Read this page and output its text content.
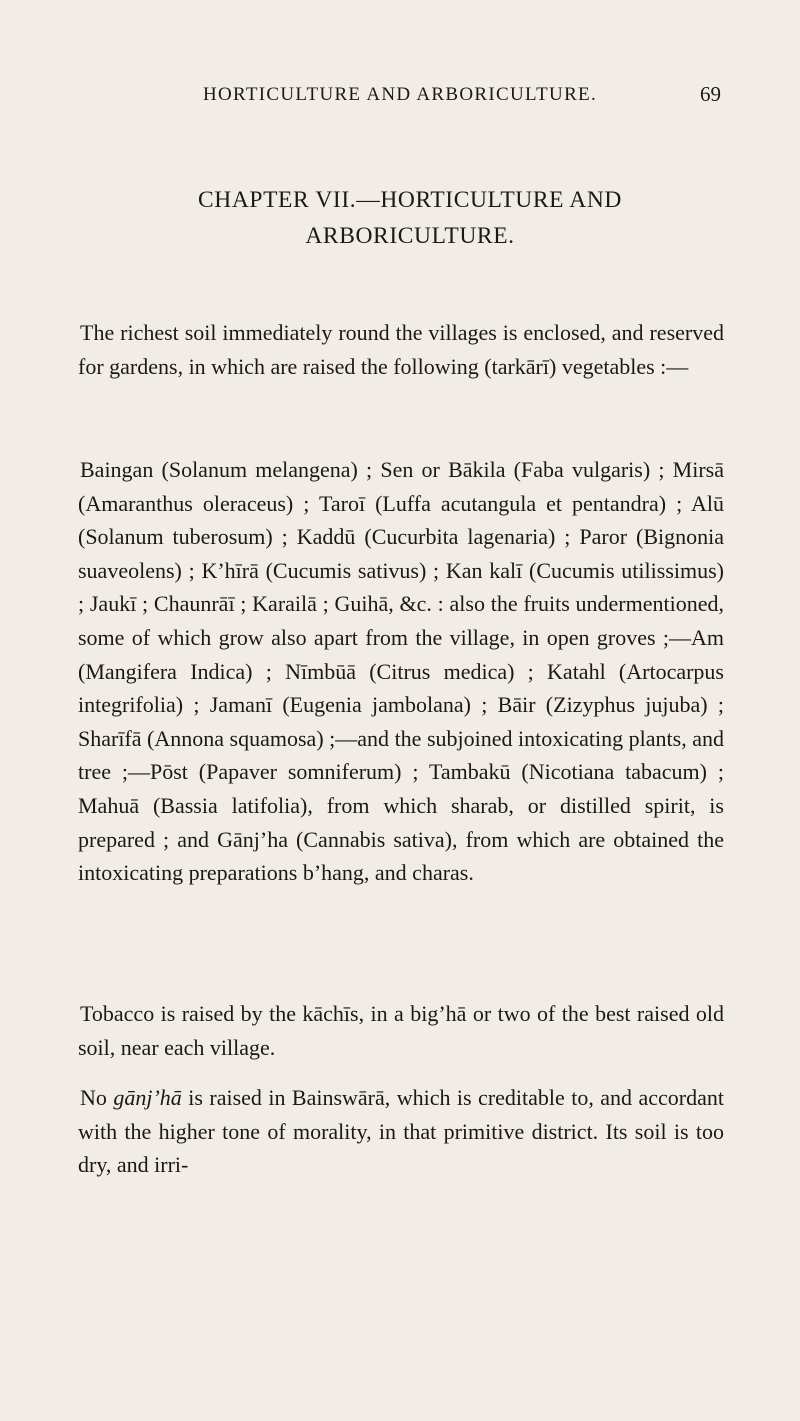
HORTICULTURE AND ARBORICULTURE.	69
CHAPTER VII.—HORTICULTURE AND
ARBORICULTURE.

The richest soil immediately round the villages is enclosed, and reserved for gardens, in which are raised the following (tarkārī) vegetables :—

Baingan (Solanum melangena) ; Sen or Bākila (Faba vulgaris) ; Mirsā (Amaranthus oleraceus) ; Taroī (Luffa acutangula et pentandra) ; Alū (Solanum tuberosum) ; Kaddū (Cucurbita lagenaria) ; Paror (Bignonia suaveolens) ; K’hīrā (Cucumis sativus) ; Kan kalī (Cucumis utilissimus) ; Jaukī ; Chaunrāī ; Karailā ; Guihā, &c. : also the fruits undermentioned, some of which grow also apart from the village, in open groves ;—Am (Mangifera Indica) ; Nīmbūā (Citrus medica) ; Katahl (Artocarpus integrifolia) ; Jamanī (Eugenia jambolana) ; Bāir (Zizyphus jujuba) ; Sharīfā (Annona squamosa) ;—and the subjoined intoxicating plants, and tree ;—Pōst (Papaver somniferum) ; Tambakū (Nicotiana tabacum) ; Mahuā (Bassia latifolia), from which sharab, or distilled spirit, is prepared ; and Gānj’ha (Cannabis sativa), from which are obtained the intoxicating preparations b’hang, and charas.

Tobacco is raised by the kāchīs, in a big’hā or two of the best raised old soil, near each village.

No gānj’hā is raised in Bainswārā, which is creditable to, and accordant with the higher tone of morality, in that primitive district. Its soil is too dry, and irri-
